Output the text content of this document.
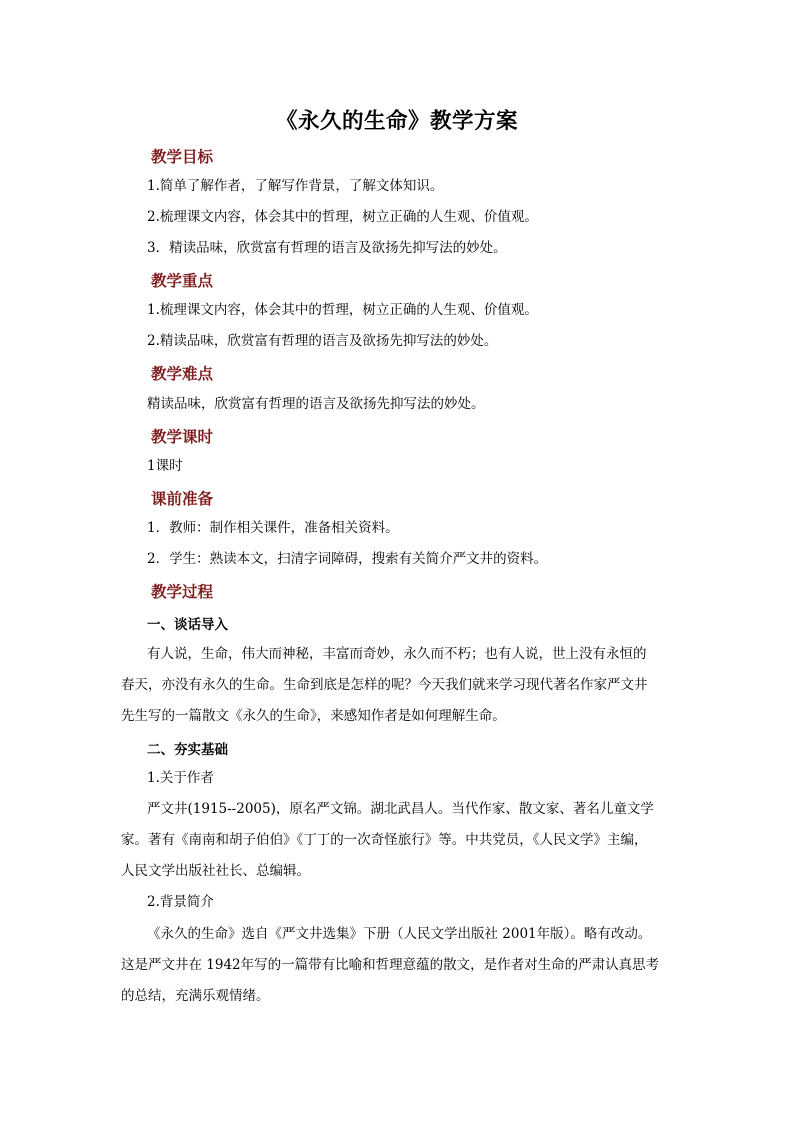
《永久的生命》教学方案
教学目标
1.简单了解作者，了解写作背景，了解文体知识。
2.梳理课文内容，体会其中的哲理，树立正确的人生观、价值观。
3．精读品味，欣赏富有哲理的语言及欲扬先抑写法的妙处。
教学重点
1.梳理课文内容，体会其中的哲理，树立正确的人生观、价值观。
2.精读品味，欣赏富有哲理的语言及欲扬先抑写法的妙处。
教学难点
精读品味，欣赏富有哲理的语言及欲扬先抑写法的妙处。
教学课时
1课时
课前准备
1．教师：制作相关课件，准备相关资料。
2．学生：熟读本文，扫清字词障碍，搜索有关简介严文井的资料。
教学过程
一、谈话导入
有人说，生命，伟大而神秘，丰富而奇妙，永久而不朽；也有人说，世上没有永恒的
春天，亦没有永久的生命。生命到底是怎样的呢？今天我们就来学习现代著名作家严文井
先生写的一篇散文《永久的生命》，来感知作者是如何理解生命。
二、夯实基础
1.关于作者
严文井(1915--2005)，原名严文锦。湖北武昌人。当代作家、散文家、著名儿童文学
家。著有《南南和胡子伯伯》《丁丁的一次奇怪旅行》等。中共党员，《人民文学》主编，
人民文学出版社社长、总编辑。
2.背景简介
《永久的生命》选自《严文井选集》下册（人民文学出版社 2001年版）。略有改动。
这是严文井在 1942年写的一篇带有比喻和哲理意蕴的散文，是作者对生命的严肃认真思考
的总结，充满乐观情绪。
